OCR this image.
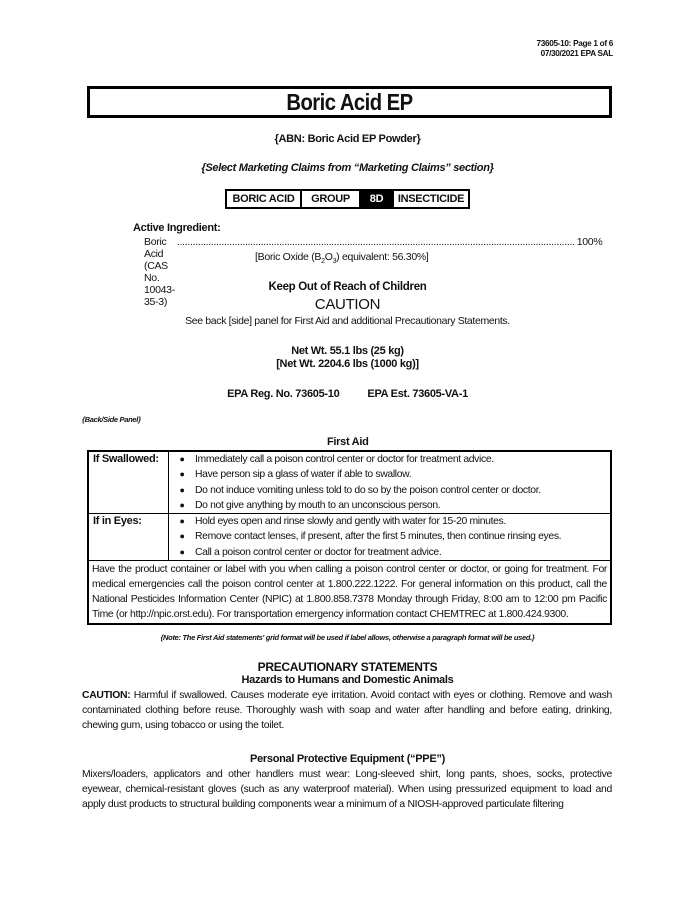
73605-10: Page 1 of 6
07/30/2021 EPA SAL
Boric Acid EP
{ABN: Boric Acid EP Powder}
{Select Marketing Claims from “Marketing Claims” section}
BORIC ACID	GROUP	8D	INSECTICIDE
Active Ingredient:
Boric Acid (CAS No. 10043-35-3)
........................................................................................................................................................ 100%
[Boric Oxide $(B_2O_3)$ equivalent: 56.30%]
Keep Out of Reach of Children
CAUTION
See back [side] panel for First Aid and additional Precautionary Statements.
Net Wt. 55.1 lbs (25 kg)
[Net Wt. 2204.6 lbs (1000 kg)]
EPA Reg. No. 73605-10	EPA Est. 73605-VA-1
{Back/Side Panel}
First Aid
If Swallowed:	●	Immediately call a poison control center or doctor for treatment advice.
●	Have person sip a glass of water if able to swallow.
●	Do not induce vomiting unless told to do so by the poison control center or doctor.
●	Do not give anything by mouth to an unconscious person.
If in Eyes:	●	Hold eyes open and rinse slowly and gently with water for 15-20 minutes.
●	Remove contact lenses, if present, after the first 5 minutes, then continue rinsing eyes.
●	Call a poison control center or doctor for treatment advice.
Have the product container or label with you when calling a poison control center or doctor, or going for treatment. For medical emergencies call the poison control center at 1.800.222.1222. For general information on this product, call the National Pesticides Information Center (NPIC) at 1.800.858.7378 Monday through Friday, 8:00 am to 12:00 pm Pacific Time (or http://npic.orst.edu). For transportation emergency information contact CHEMTREC at 1.800.424.9300.
{Note: The First Aid statements' grid format will be used if label allows, otherwise a paragraph format will be used.}
PRECAUTIONARY STATEMENTS
Hazards to Humans and Domestic Animals
CAUTION: Harmful if swallowed. Causes moderate eye irritation. Avoid contact with eyes or clothing. Remove and wash contaminated clothing before reuse. Thoroughly wash with soap and water after handling and before eating, drinking, chewing gum, using tobacco or using the toilet.
Personal Protective Equipment (“PPE”)
Mixers/loaders, applicators and other handlers must wear: Long-sleeved shirt, long pants, shoes, socks, protective eyewear, chemical-resistant gloves (such as any waterproof material). When using pressurized equipment to load and apply dust products to structural building components wear a minimum of a NIOSH-approved particulate filtering
